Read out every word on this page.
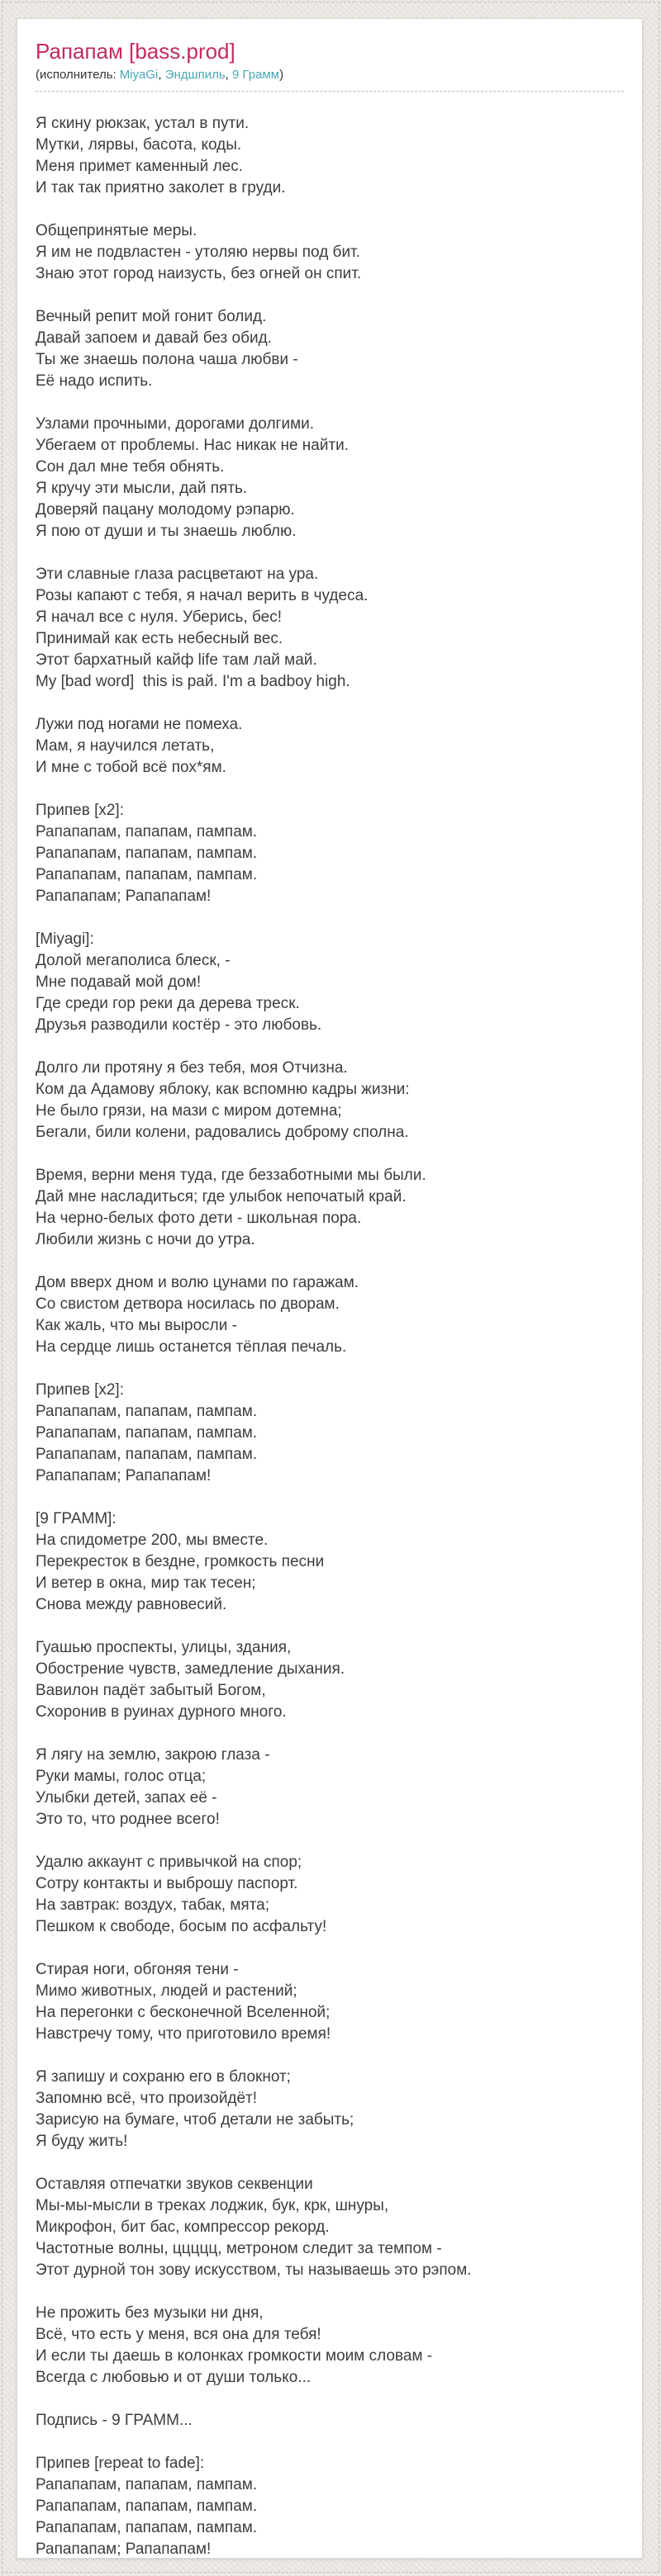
Рапапам [bass.prod]

(исполнитель: MiyaGi, Эндшпиль, 9 Грамм)

Я скину рюкзак, устал в пути.
Мутки, лярвы, басота, коды.
Меня примет каменный лес.
И так так приятно заколет в груди.

Общепринятые меры.
Я им не подвластен - утоляю нервы под бит.
Знаю этот город наизусть, без огней он спит.

Вечный репит мой гонит болид.
Давай запоем и давай без обид.
Ты же знаешь полона чаша любви -
Её надо испить.

Узлами прочными, дорогами долгими.
Убегаем от проблемы. Нас никак не найти.
Сон дал мне тебя обнять.
Я кручу эти мысли, дай пять.
Доверяй пацану молодому рэпарю.
Я пою от души и ты знаешь люблю.

Эти славные глаза расцветают на ура.
Розы капают с тебя, я начал верить в чудеса.
Я начал все с нуля. Уберись, бес!
Принимай как есть небесный вес.
Этот бархатный кайф life там лай май.
My [bad word]  this is рай. I'm a badboy high.

Лужи под ногами не помеха.
Мам, я научился летать,
И мне с тобой всё пох*ям.

Припев [x2]:
Рапапапам, папапам, пампам.
Рапапапам, папапам, пампам.
Рапапапам, папапам, пампам.
Рапапапам; Рапапапам!

[Miyagi]:
Долой мегаполиса блеск, -
Мне подавай мой дом!
Где среди гор реки да дерева треск.
Друзья разводили костёр - это любовь.

Долго ли протяну я без тебя, моя Отчизна.
Ком да Адамову яблоку, как вспомню кадры жизни:
Не было грязи, на мази с миром дотемна;
Бегали, били колени, радовались доброму сполна.

Время, верни меня туда, где беззаботными мы были.
Дай мне насладиться; где улыбок непочатый край.
На черно-белых фото дети - школьная пора.
Любили жизнь с ночи до утра.

Дом вверх дном и волю цунами по гаражам.
Со свистом детвора носилась по дворам.
Как жаль, что мы выросли -
На сердце лишь останется тёплая печаль.

Припев [x2]:
Рапапапам, папапам, пампам.
Рапапапам, папапам, пампам.
Рапапапам, папапам, пампам.
Рапапапам; Рапапапам!

[9 ГРАММ]:
На спидометре 200, мы вместе.
Перекресток в бездне, громкость песни
И ветер в окна, мир так тесен;
Снова между равновесий.

Гуашью проспекты, улицы, здания,
Обострение чувств, замедление дыхания.
Вавилон падёт забытый Богом,
Схоронив в руинах дурного много.

Я лягу на землю, закрою глаза -
Руки мамы, голос отца;
Улыбки детей, запах её -
Это то, что роднее всего!

Удалю аккаунт с привычкой на спор;
Сотру контакты и выброшу паспорт.
На завтрак: воздух, табак, мята;
Пешком к свободе, босым по асфальту!

Стирая ноги, обгоняя тени -
Мимо животных, людей и растений;
На перегонки с бесконечной Вселенной;
Навстречу тому, что приготовило время!

Я запишу и сохраню его в блокнот;
Запомню всё, что произойдёт!
Зарисую на бумаге, чтоб детали не забыть;
Я буду жить!

Оставляя отпечатки звуков секвенции
Мы-мы-мысли в треках лоджик, бук, крк, шнуры,
Микрофон, бит бас, компрессор рекорд.
Частотные волны, ццццц, метроном следит за темпом -
Этот дурной тон зову искусством, ты называешь это рэпом.

Не прожить без музыки ни дня,
Всё, что есть у меня, вся она для тебя!
И если ты даешь в колонках громкости моим словам -
Всегда с любовью и от души только...

Подпись - 9 ГРАММ...

Припев [repeat to fade]:
Рапапапам, папапам, пампам.
Рапапапам, папапам, пампам.
Рапапапам, папапам, пампам.
Рапапапам; Рапапапам!
